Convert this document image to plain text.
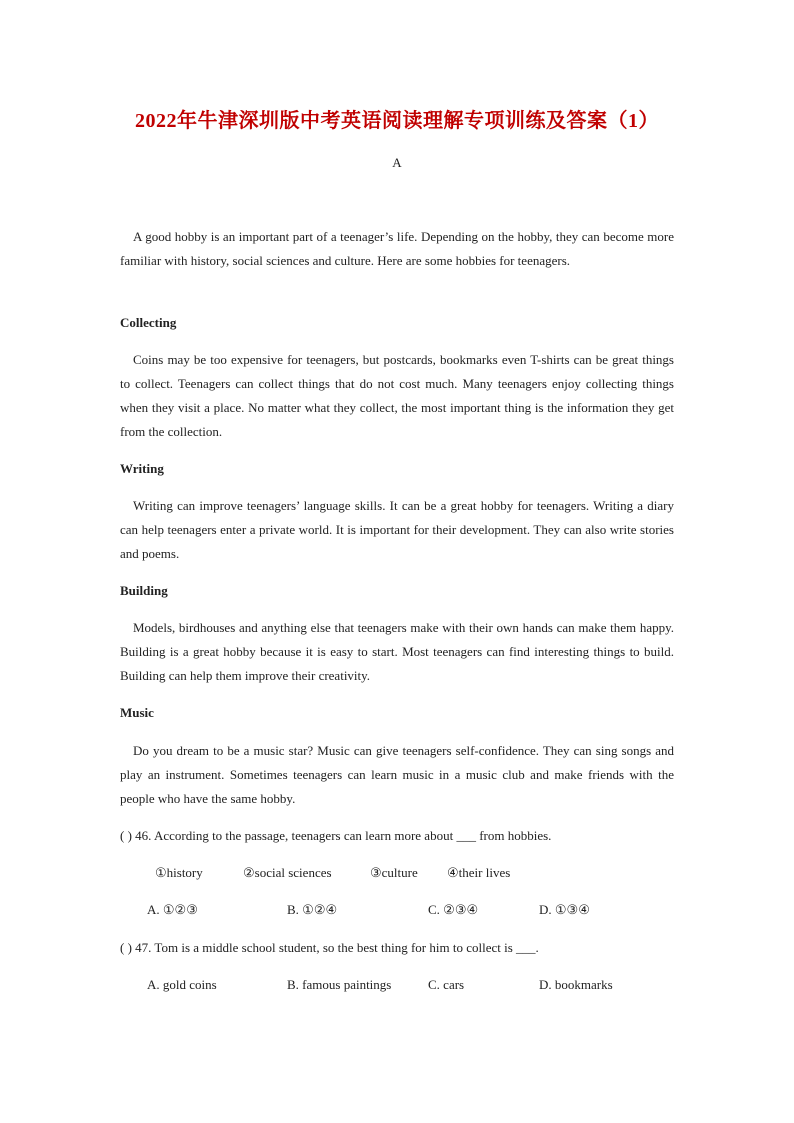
2022年牛津深圳版中考英语阅读理解专项训练及答案（1）
A

A good hobby is an important part of a teenager’s life. Depending on the hobby, they can become more familiar with history, social sciences and culture. Here are some hobbies for teenagers.

Collecting

Coins may be too expensive for teenagers, but postcards, bookmarks even T-shirts can be great things to collect. Teenagers can collect things that do not cost much. Many teenagers enjoy collecting things when they visit a place. No matter what they collect, the most important thing is the information they get from the collection.

Writing

Writing can improve teenagers’ language skills. It can be a great hobby for teenagers. Writing a diary can help teenagers enter a private world. It is important for their development. They can also write stories and poems.

Building

Models, birdhouses and anything else that teenagers make with their own hands can make them happy. Building is a great hobby because it is easy to start. Most teenagers can find interesting things to build. Building can help them improve their creativity.

Music

Do you dream to be a music star? Music can give teenagers self-confidence. They can sing songs and play an instrument. Sometimes teenagers can learn music in a music club and make friends with the people who have the same hobby.

( ) 46. According to the passage, teenagers can learn more about ___ from hobbies.
①history	②social sciences	③culture ④their lives
A. ①②③	B. ①②④	C. ②③④	D. ①③④
( ) 47. Tom is a middle school student, so the best thing for him to collect is ___.
A. gold coins	B. famous paintings	C. cars	D. bookmarks
